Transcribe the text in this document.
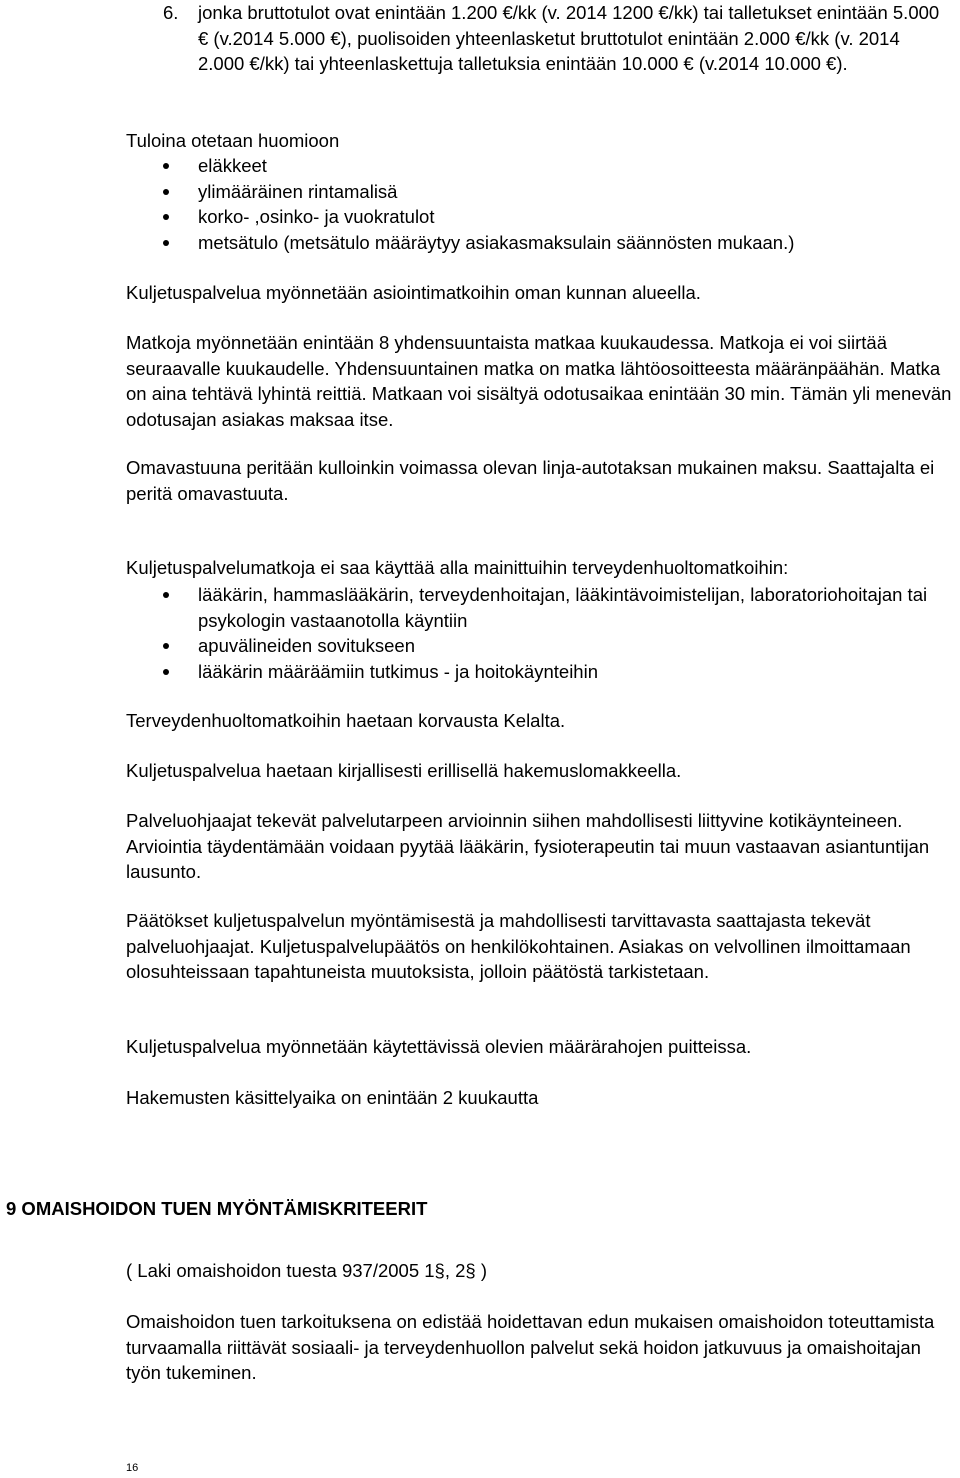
6. jonka bruttotulot ovat enintään 1.200 €/kk (v. 2014 1200 €/kk) tai talletukset enintään 5.000 € (v.2014 5.000 €), puolisoiden yhteenlasketut bruttotulot enintään 2.000 €/kk (v. 2014 2.000 €/kk) tai yhteenlaskettuja talletuksia enintään 10.000 € (v.2014 10.000 €).

Tuloina otetaan huomioon

eläkkeet
ylimääräinen rintamalisä
korko- ,osinko- ja vuokratulot
metsätulo (metsätulo määräytyy asiakasmaksulain säännösten mukaan.)

Kuljetuspalvelua myönnetään asiointimatkoihin oman kunnan alueella.

Matkoja myönnetään enintään 8 yhdensuuntaista matkaa kuukaudessa. Matkoja ei voi siirtää seuraavalle kuukaudelle. Yhdensuuntainen matka on matka lähtöosoitteesta määränpäähän. Matka on aina tehtävä lyhintä reittiä. Matkaan voi sisältyä odotusaikaa enintään 30 min. Tämän yli menevän odotusajan asiakas maksaa itse.

Omavastuuna peritään kulloinkin voimassa olevan linja-autotaksan mukainen maksu. Saattajalta ei peritä omavastuuta.

Kuljetuspalvelumatkoja ei saa käyttää alla mainittuihin terveydenhuoltomatkoihin:

lääkärin, hammaslääkärin, terveydenhoitajan, lääkintävoimistelijan, laboratoriohoitajan tai psykologin vastaanotolla käyntiin
apuvälineiden sovitukseen
lääkärin määräämiin tutkimus - ja hoitokäynteihin

Terveydenhuoltomatkoihin haetaan korvausta Kelalta.

Kuljetuspalvelua haetaan kirjallisesti erillisellä hakemuslomakkeella.

Palveluohjaajat tekevät palvelutarpeen arvioinnin siihen mahdollisesti liittyvine kotikäynteineen. Arviointia täydentämään voidaan pyytää lääkärin, fysioterapeutin tai muun vastaavan asiantuntijan lausunto.

Päätökset kuljetuspalvelun myöntämisestä ja mahdollisesti tarvittavasta saattajasta tekevät palveluohjaajat. Kuljetuspalvelupäätös on henkilökohtainen. Asiakas on velvollinen ilmoittamaan olosuhteissaan tapahtuneista muutoksista, jolloin päätöstä tarkistetaan.

Kuljetuspalvelua myönnetään käytettävissä olevien määrärahojen puitteissa.

Hakemusten käsittelyaika on enintään 2 kuukautta

9 OMAISHOIDON TUEN MYÖNTÄMISKRITEERIT

( Laki omaishoidon tuesta 937/2005 1§, 2§ )

Omaishoidon tuen tarkoituksena on edistää hoidettavan edun mukaisen omaishoidon toteuttamista turvaamalla riittävät sosiaali- ja terveydenhuollon palvelut sekä hoidon jatkuvuus ja omaishoitajan työn tukeminen.

16
